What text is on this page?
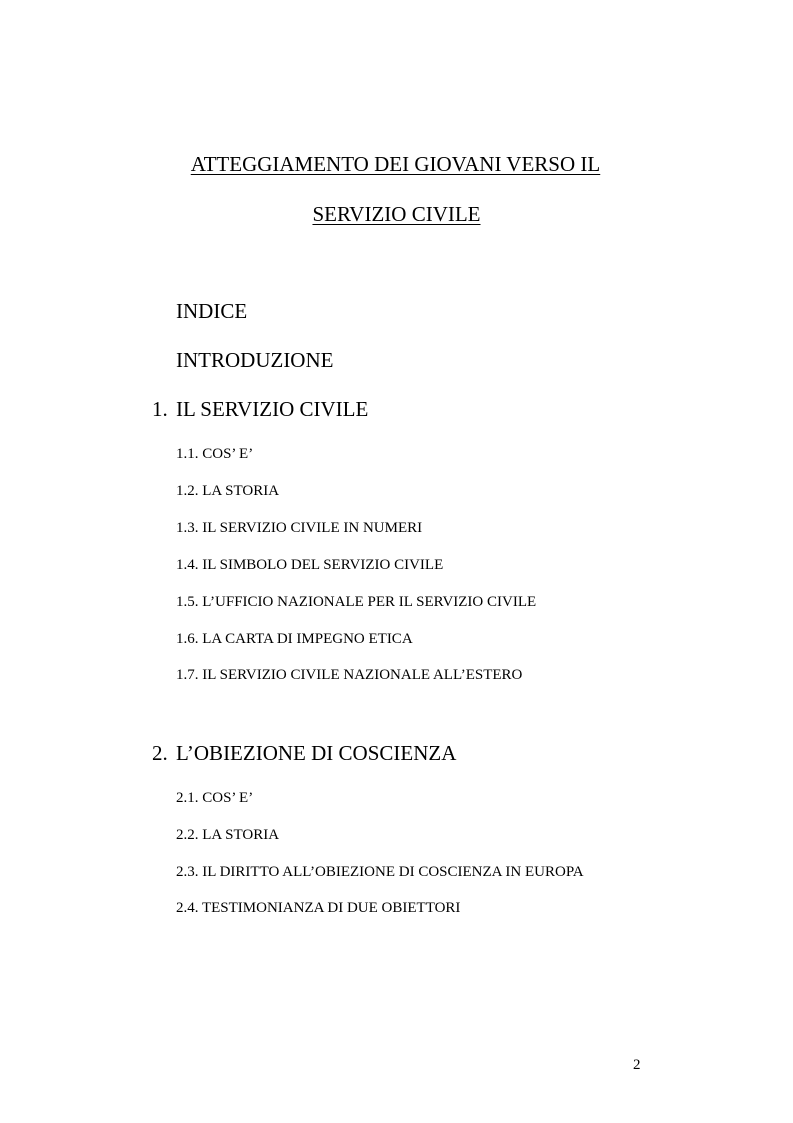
ATTEGGIAMENTO DEI GIOVANI VERSO IL
SERVIZIO CIVILE
INDICE
INTRODUZIONE
1. IL SERVIZIO CIVILE
1.1. COS’ E’
1.2. LA STORIA
1.3. IL SERVIZIO CIVILE IN NUMERI
1.4. IL SIMBOLO DEL SERVIZIO CIVILE
1.5. L’UFFICIO NAZIONALE PER IL SERVIZIO CIVILE
1.6. LA CARTA DI IMPEGNO ETICA
1.7. IL SERVIZIO CIVILE NAZIONALE ALL’ESTERO
2. L’OBIEZIONE DI COSCIENZA
2.1. COS’ E’
2.2. LA STORIA
2.3. IL DIRITTO ALL’OBIEZIONE DI COSCIENZA IN EUROPA
2.4. TESTIMONIANZA DI DUE OBIETTORI
2
